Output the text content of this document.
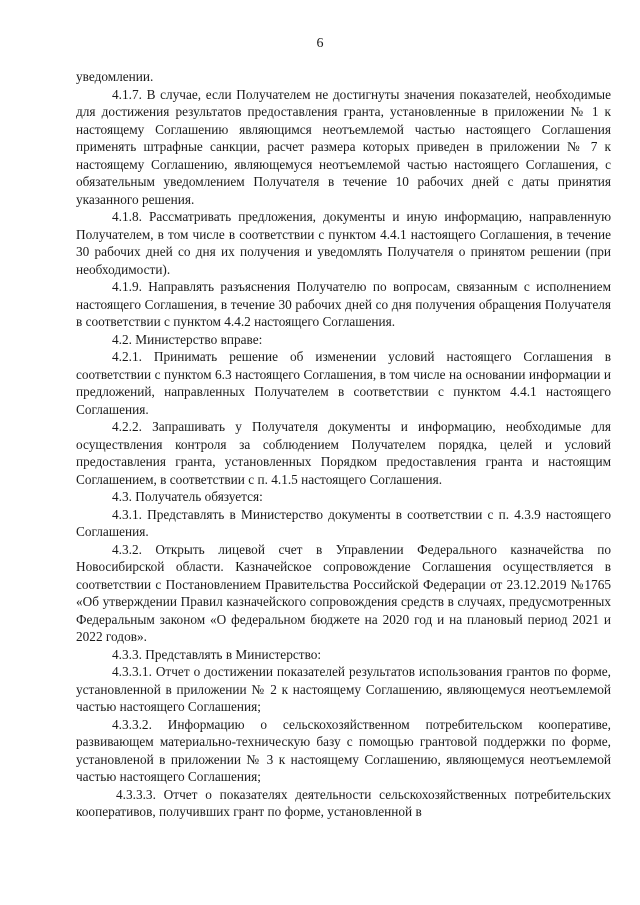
6

уведомлении.

4.1.7. В случае, если Получателем не достигнуты значения показателей, необходимые для достижения результатов предоставления гранта, установленные в приложении № 1 к настоящему Соглашению являющимся неотъемлемой частью настоящего Соглашения применять штрафные санкции, расчет размера которых приведен в приложении № 7 к настоящему Соглашению, являющемуся неотъемлемой частью настоящего Соглашения, с обязательным уведомлением Получателя в течение 10 рабочих дней с даты принятия указанного решения.

4.1.8. Рассматривать предложения, документы и иную информацию, направленную Получателем, в том числе в соответствии с пунктом 4.4.1 настоящего Соглашения, в течение 30 рабочих дней со дня их получения и уведомлять Получателя о принятом решении (при необходимости).

4.1.9. Направлять разъяснения Получателю по вопросам, связанным с исполнением настоящего Соглашения, в течение 30 рабочих дней со дня получения обращения Получателя в соответствии с пунктом 4.4.2 настоящего Соглашения.

4.2. Министерство вправе:

4.2.1. Принимать решение об изменении условий настоящего Соглашения в соответствии с пунктом 6.3 настоящего Соглашения, в том числе на основании информации и предложений, направленных Получателем в соответствии с пунктом 4.4.1 настоящего Соглашения.

4.2.2. Запрашивать у Получателя документы и информацию, необходимые для осуществления контроля за соблюдением Получателем порядка, целей и условий предоставления гранта, установленных Порядком предоставления гранта и настоящим Соглашением, в соответствии с п. 4.1.5 настоящего Соглашения.

4.3. Получатель обязуется:

4.3.1. Представлять в Министерство документы в соответствии с п. 4.3.9 настоящего Соглашения.

4.3.2. Открыть лицевой счет в Управлении Федерального казначейства по Новосибирской области. Казначейское сопровождение Соглашения осуществляется в соответствии с Постановлением Правительства Российской Федерации от 23.12.2019 №1765 «Об утверждении Правил казначейского сопровождения средств в случаях, предусмотренных Федеральным законом «О федеральном бюджете на 2020 год и на плановый период 2021 и 2022 годов».

4.3.3. Представлять в Министерство:

4.3.3.1. Отчет о достижении показателей результатов использования грантов по форме, установленной в приложении № 2 к настоящему Соглашению, являющемуся неотъемлемой частью настоящего Соглашения;

4.3.3.2. Информацию о сельскохозяйственном потребительском кооперативе, развивающем материально-техническую базу с помощью грантовой поддержки по форме, установленой в приложении № 3 к настоящему Соглашению, являющемуся неотъемлемой частью настоящего Соглашения;

4.3.3.3. Отчет о показателях деятельности сельскохозяйственных потребительских кооперативов, получивших грант по форме, установленной в
